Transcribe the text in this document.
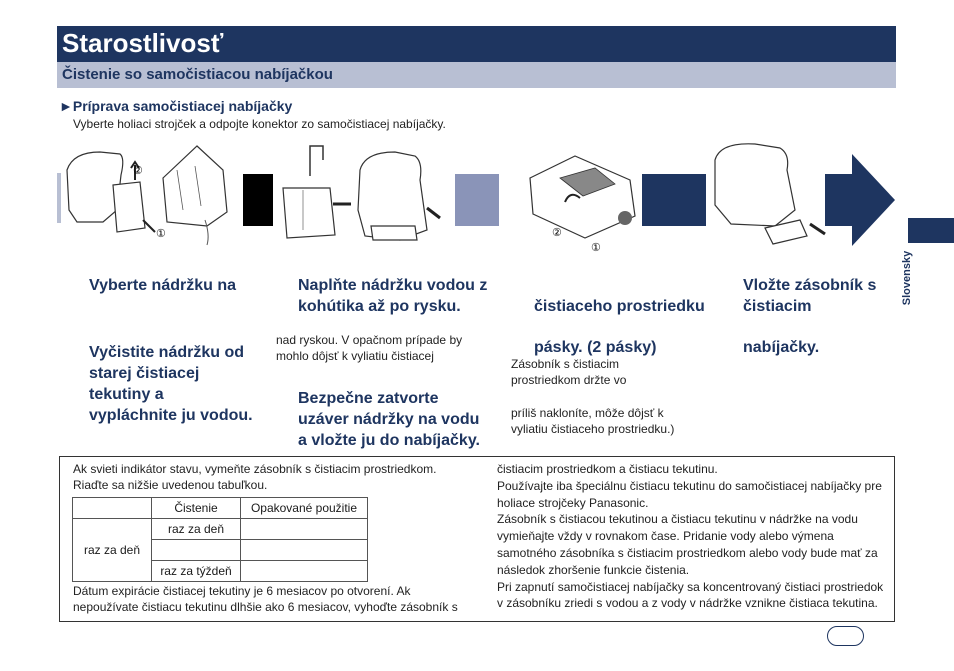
Starostlivosť
Čistenie so samočistiacou nabíjačkou
►Príprava samočistiacej nabíjačky
Vyberte holiaci strojček a odpojte konektor zo samočistiacej nabíjačky.
Slovensky
②
①	②
①
Vyberte nádržku na
Vyčistite nádržku od
starej čistiacej
tekutiny a
vypláchnite ju vodou.
Naplňte nádržku vodou z
kohútika až po rysku.
nad ryskou. V opačnom prípade by
mohlo dôjsť k vyliatiu čistiacej
Bezpečne zatvorte
uzáver nádržky na vodu
a vložte ju do nabíjačky.
čistiaceho prostriedku
pásky. (2 pásky)
Zásobník s čistiacim
prostriedkom držte vo
príliš nakloníte, môže dôjsť k
vyliatiu čistiaceho prostriedku.)
Vložte zásobník s
čistiacim
nabíjačky.
Ak svieti indikátor stavu, vymeňte zásobník s čistiacim prostriedkom.
Riaďte sa nižšie uvedenou tabuľkou.
	Čistenie	Opakované použitie
raz za deň	raz za deň	

	raz za týždeň	
Dátum expirácie čistiacej tekutiny je 6 mesiacov po otvorení. Ak
nepoužívate čistiacu tekutinu dlhšie ako 6 mesiacov, vyhoďte zásobník s
čistiacim prostriedkom a čistiacu tekutinu.
Používajte iba špeciálnu čistiacu tekutinu do samočistiacej nabíjačky pre
holiace strojčeky Panasonic.
Zásobník s čistiacou tekutinou a čistiacu tekutinu v nádržke na vodu
vymieňajte vždy v rovnakom čase. Pridanie vody alebo výmena
samotného zásobníka s čistiacim prostriedkom alebo vody bude mať za
následok zhoršenie funkcie čistenia.
Pri zapnutí samočistiacej nabíjačky sa koncentrovaný čistiaci prostriedok
v zásobníku zriedi s vodou a z vody v nádržke vznikne čistiaca tekutina.
